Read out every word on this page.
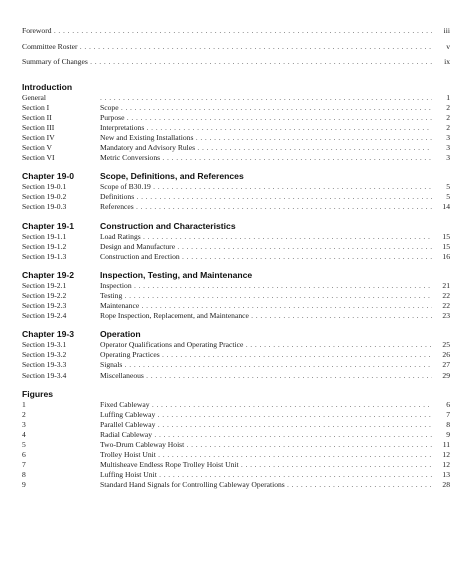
Foreword . . .	iii
Committee Roster . . .	v
Summary of Changes . . .	ix
Introduction
General . . .	1
Section I	Scope . . .	2
Section II	Purpose . . .	2
Section III	Interpretations . . .	2
Section IV	New and Existing Installations . . .	3
Section V	Mandatory and Advisory Rules . . .	3
Section VI	Metric Conversions . . .	3
Chapter 19-0	Scope, Definitions, and References
Section 19-0.1	Scope of B30.19 . . .	5
Section 19-0.2	Definitions . . .	5
Section 19-0.3	References . . .	14
Chapter 19-1	Construction and Characteristics
Section 19-1.1	Load Ratings . . .	15
Section 19-1.2	Design and Manufacture . . .	15
Section 19-1.3	Construction and Erection . . .	16
Chapter 19-2	Inspection, Testing, and Maintenance
Section 19-2.1	Inspection . . .	21
Section 19-2.2	Testing . . .	22
Section 19-2.3	Maintenance . . .	22
Section 19-2.4	Rope Inspection, Replacement, and Maintenance . . .	23
Chapter 19-3	Operation
Section 19-3.1	Operator Qualifications and Operating Practice . . .	25
Section 19-3.2	Operating Practices . . .	26
Section 19-3.3	Signals . . .	27
Section 19-3.4	Miscellaneous . . .	29
Figures
1	Fixed Cableway . . .	6
2	Luffing Cableway . . .	7
3	Parallel Cableway . . .	8
4	Radial Cableway . . .	9
5	Two-Drum Cableway Hoist . . .	11
6	Trolley Hoist Unit . . .	12
7	Multisheave Endless Rope Trolley Hoist Unit . . .	12
8	Luffing Hoist Unit . . .	13
9	Standard Hand Signals for Controlling Cableway Operations . . .	28
